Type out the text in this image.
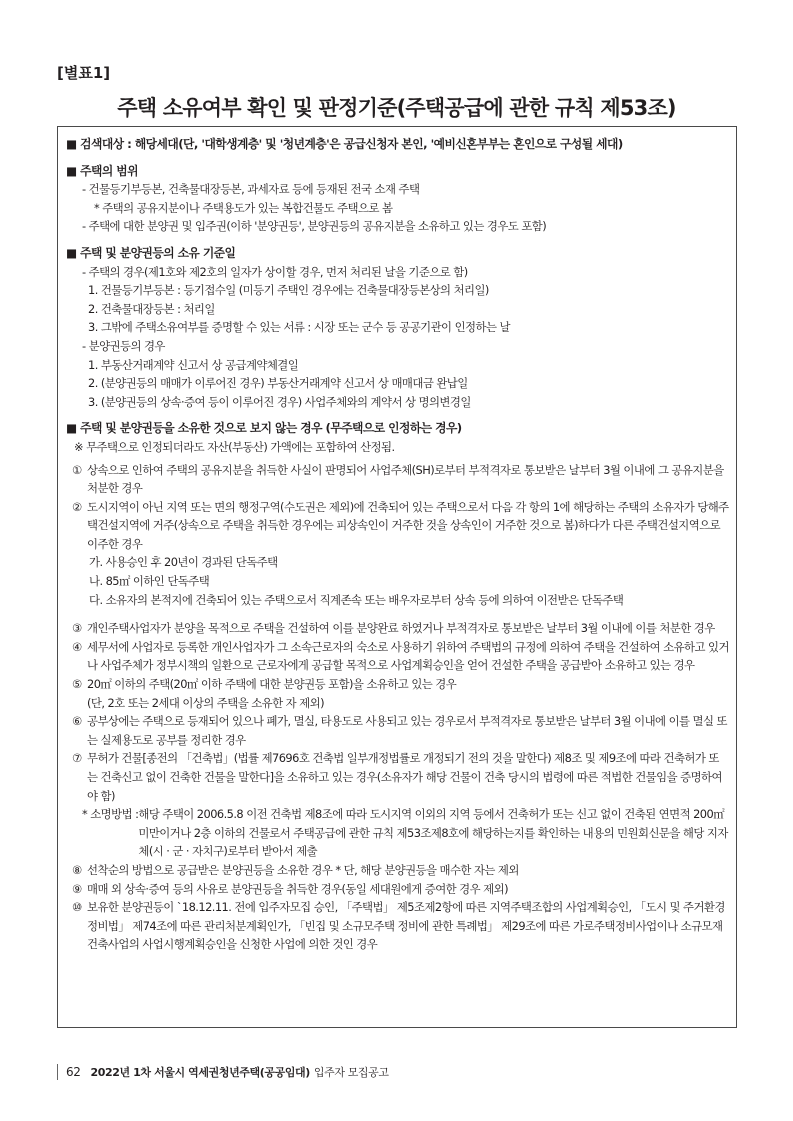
[별표1]
주택 소유여부 확인 및 판정기준(주택공급에 관한 규칙 제53조)
■ 검색대상 : 해당세대(단, '대학생계층' 및 '청년계층'은 공급신청자 본인, '예비신혼부부는 혼인으로 구성될 세대)
■ 주택의 범위
- 건물등기부등본, 건축물대장등본, 과세자료 등에 등재된 전국 소재 주택
* 주택의 공유지분이나 주택용도가 있는 복합건물도 주택으로 봄
- 주택에 대한 분양권 및 입주권(이하 '분양권등', 분양권등의 공유지분을 소유하고 있는 경우도 포함)
■ 주택 및 분양권등의 소유 기준일
- 주택의 경우(제1호와 제2호의 일자가 상이할 경우, 먼저 처리된 날을 기준으로 함)
1. 건물등기부등본 : 등기접수일 (미등기 주택인 경우에는 건축물대장등본상의 처리일)
2. 건축물대장등본 : 처리일
3. 그밖에 주택소유여부를 증명할 수 있는 서류 : 시장 또는 군수 등 공공기관이 인정하는 날
- 분양권등의 경우
1. 부동산거래계약 신고서 상 공급계약체결일
2. (분양권등의 매매가 이루어진 경우) 부동산거래계약 신고서 상 매매대금 완납일
3. (분양권등의 상속·증여 등이 이루어진 경우) 사업주체와의 계약서 상 명의변경일
■ 주택 및 분양권등을 소유한 것으로 보지 않는 경우 (무주택으로 인정하는 경우)
※ 무주택으로 인정되더라도 자산(부동산) 가액에는 포함하여 산정됨.
① 상속으로 인하여 주택의 공유지분을 취득한 사실이 판명되어 사업주체(SH)로부터 부적격자로 통보받은 날부터 3월 이내에 그 공유지분을 처분한 경우
② 도시지역이 아닌 지역 또는 면의 행정구역(수도권은 제외)에 건축되어 있는 주택으로서 다음 각 항의 1에 해당하는 주택의 소유자가 당해주택건설지역에 거주(상속으로 주택을 취득한 경우에는 피상속인이 거주한 것을 상속인이 거주한 것으로 봄)하다가 다른 주택건설지역으로 이주한 경우
가. 사용승인 후 20년이 경과된 단독주택
나. 85㎡ 이하인 단독주택
다. 소유자의 본적지에 건축되어 있는 주택으로서 직계존속 또는 배우자로부터 상속 등에 의하여 이전받은 단독주택
③ 개인주택사업자가 분양을 목적으로 주택을 건설하여 이를 분양완료 하였거나 부적격자로 통보받은 날부터 3월 이내에 이를 처분한 경우
④ 세무서에 사업자로 등록한 개인사업자가 그 소속근로자의 숙소로 사용하기 위하여 주택법의 규정에 의하여 주택을 건설하여 소유하고 있거나 사업주체가 정부시책의 일환으로 근로자에게 공급할 목적으로 사업계획승인을 얻어 건설한 주택을 공급받아 소유하고 있는 경우
⑤ 20㎡ 이하의 주택(20㎡ 이하 주택에 대한 분양권등 포함)을 소유하고 있는 경우
(단, 2호 또는 2세대 이상의 주택을 소유한 자 제외)
⑥ 공부상에는 주택으로 등재되어 있으나 폐가, 멸실, 타용도로 사용되고 있는 경우로서 부적격자로 통보받은 날부터 3월 이내에 이를 멸실 또는 실제용도로 공부를 정리한 경우
⑦ 무허가 건물[종전의 「건축법」(법률 제7696호 건축법 일부개정법률로 개정되기 전의 것을 말한다) 제8조 및 제9조에 따라 건축허가 또는 건축신고 없이 건축한 건물을 말한다]을 소유하고 있는 경우(소유자가 해당 건물이 건축 당시의 법령에 따른 적법한 건물임을 증명하여야 함)
* 소명방법 : 해당 주택이 2006.5.8 이전 건축법 제8조에 따라 도시지역 이외의 지역 등에서 건축허가 또는 신고 없이 건축된 연면적 200㎡ 미만이거나 2층 이하의 건물로서 주택공급에 관한 규칙 제53조제8호에 해당하는지를 확인하는 내용의 민원회신문을 해당 지자체(시 · 군 · 자치구)로부터 받아서 제출
⑧ 선착순의 방법으로 공급받은 분양권등을 소유한 경우 * 단, 해당 분양권등을 매수한 자는 제외
⑨ 매매 외 상속·증여 등의 사유로 분양권등을 취득한 경우(동일 세대원에게 증여한 경우 제외)
⑩ 보유한 분양권등이 `18.12.11. 전에 입주자모집 승인, 「주택법」 제5조제2항에 따른 지역주택조합의 사업계획승인, 「도시 및 주거환경정비법」 제74조에 따른 관리처분계획인가, 「빈집 및 소규모주택 정비에 관한 특례법」 제29조에 따른 가로주택정비사업이나 소규모재건축사업의 사업시행계획승인을 신청한 사업에 의한 것인 경우
62 2022년 1차 서울시 역세권청년주택(공공임대) 입주자 모집공고
